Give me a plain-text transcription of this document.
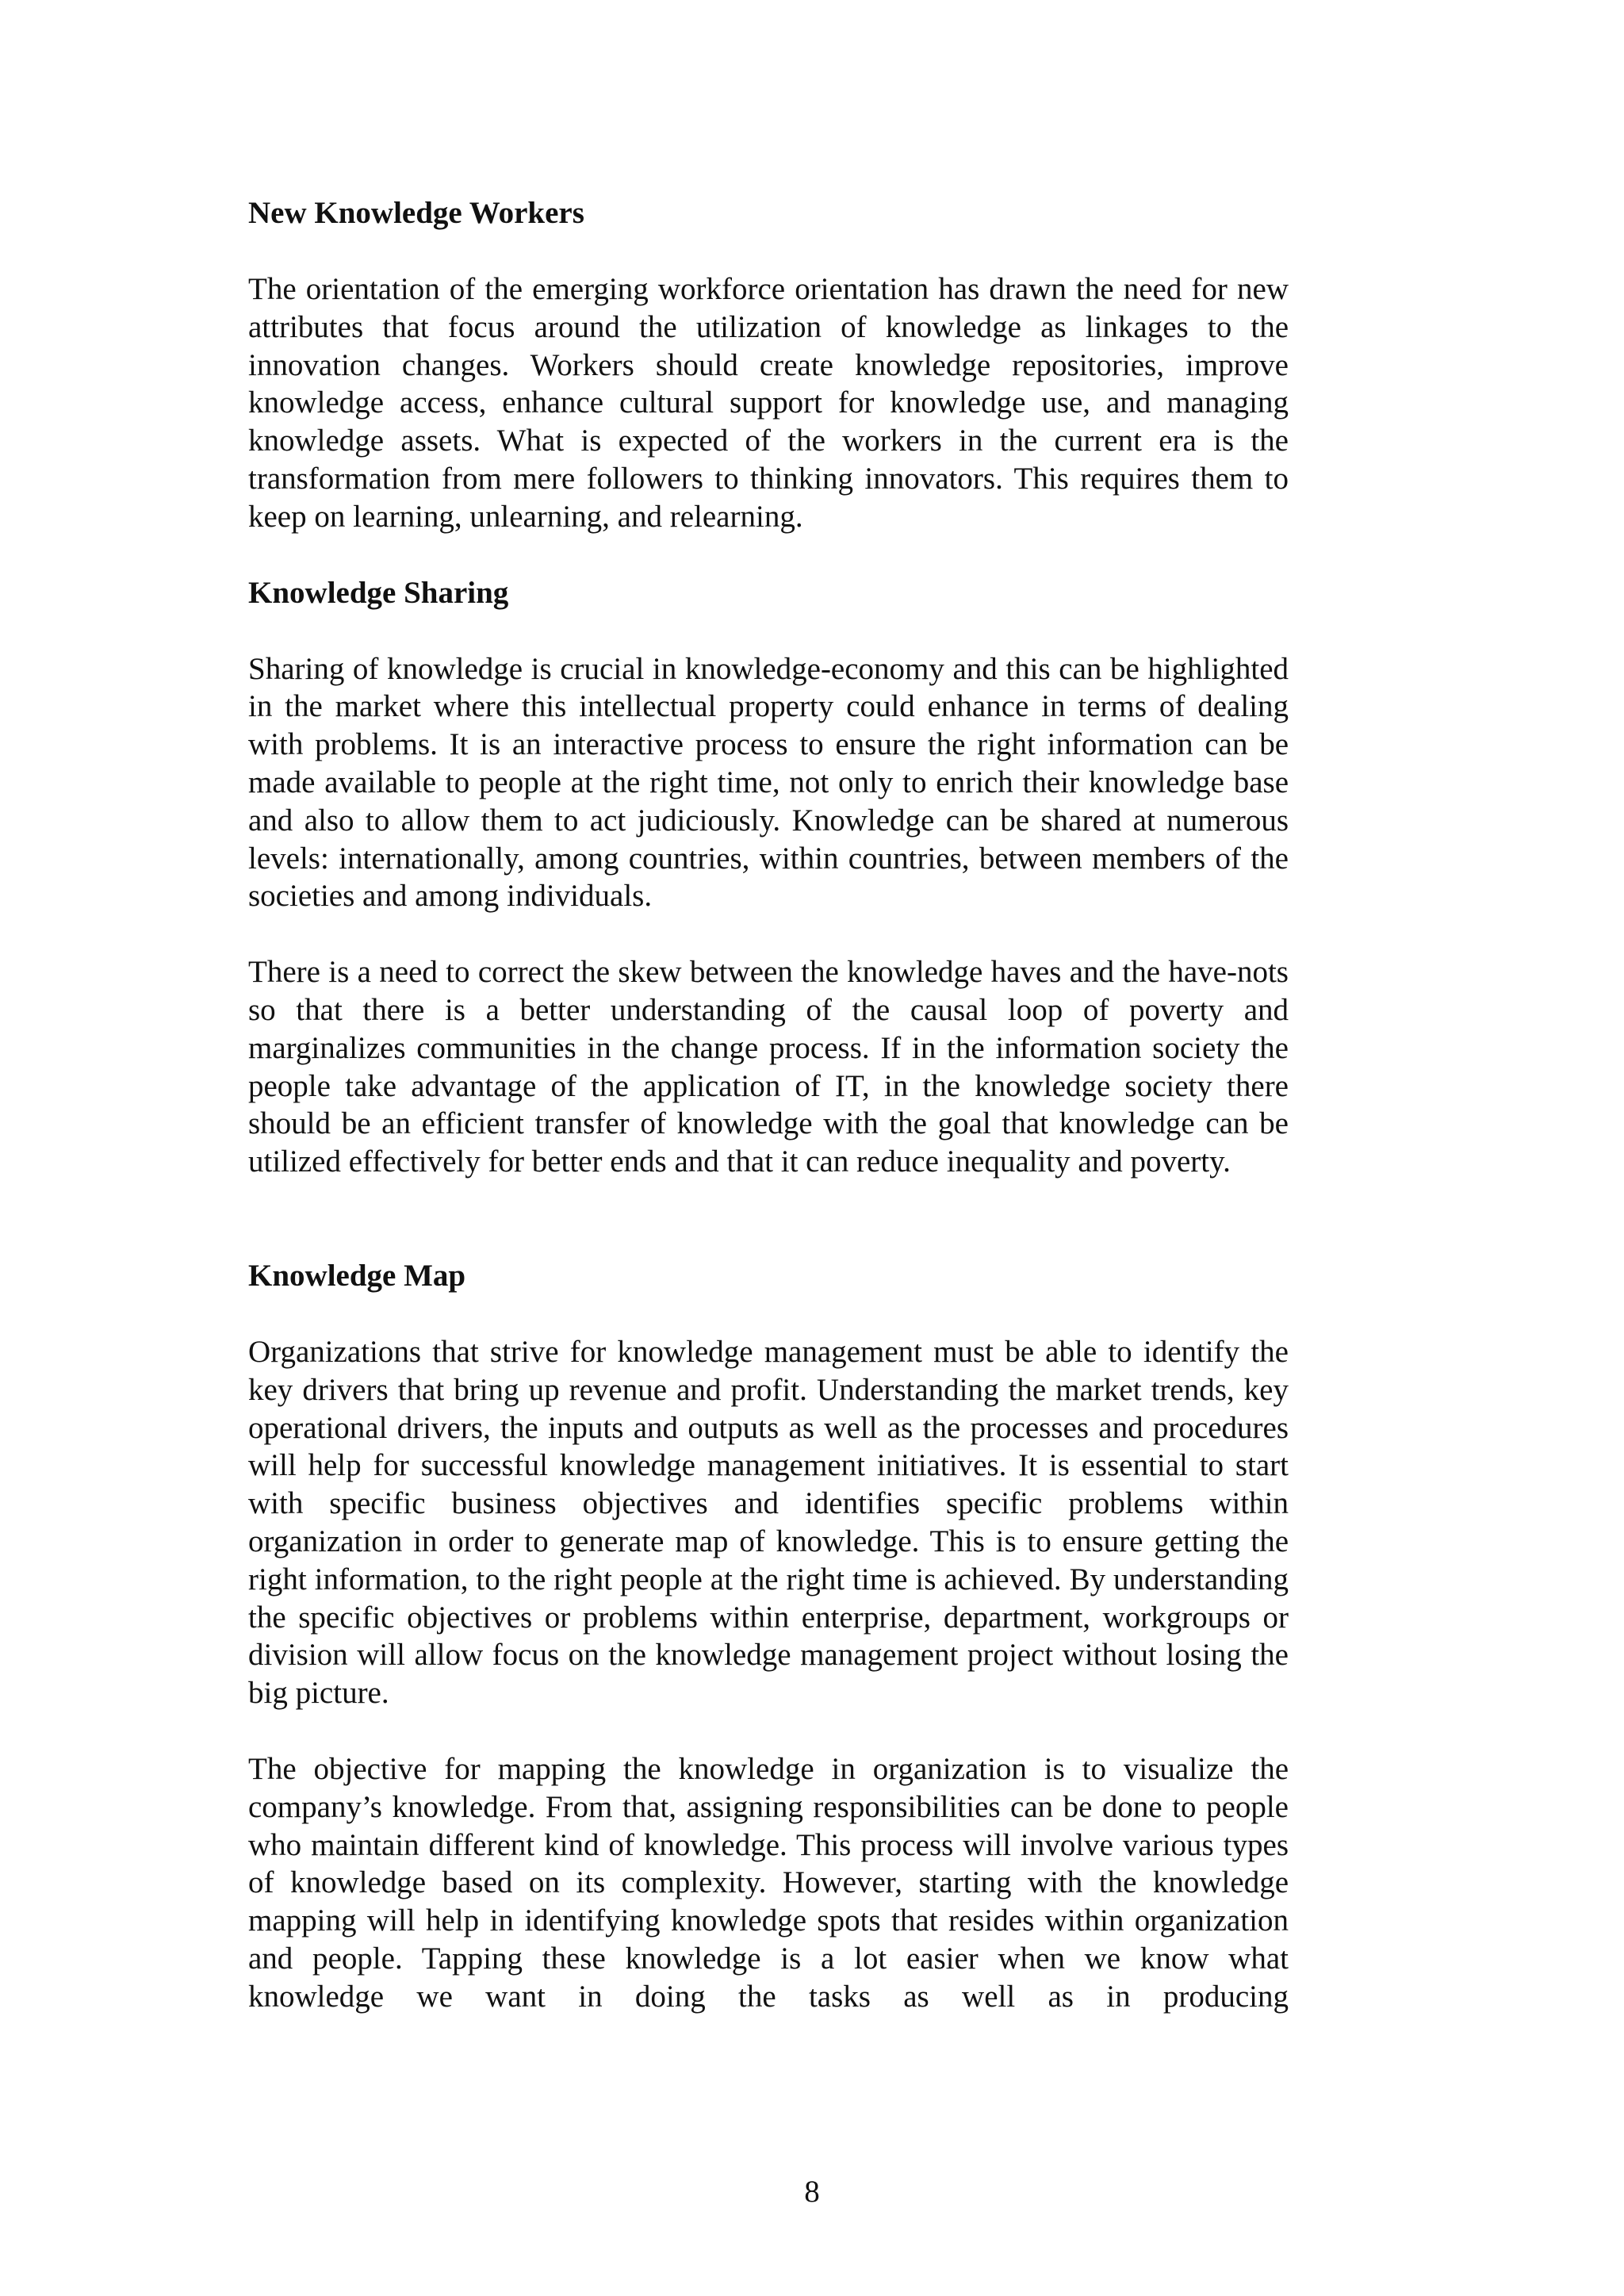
New Knowledge Workers
The orientation of the emerging workforce orientation has drawn the need for new attributes that focus around the utilization of knowledge as linkages to the innovation changes. Workers should create knowledge repositories, improve knowledge access, enhance cultural support for knowledge use, and managing knowledge assets. What is expected of the workers in the current era is the transformation from mere followers to thinking innovators. This requires them to keep on learning, unlearning, and relearning.
Knowledge Sharing
Sharing of knowledge is crucial in knowledge-economy and this can be highlighted in the market where this intellectual property could enhance in terms of dealing with problems. It is an interactive process to ensure the right information can be made available to people at the right time, not only to enrich their knowledge base and also to allow them to act judiciously. Knowledge can be shared at numerous levels: internationally, among countries, within countries, between members of the societies and among individuals.
There is a need to correct the skew between the knowledge haves and the have-nots so that there is a better understanding of the causal loop of poverty and marginalizes communities in the change process. If in the information society the people take advantage of the application of IT, in the knowledge society there should be an efficient transfer of knowledge with the goal that knowledge can be utilized effectively for better ends and that it can reduce inequality and poverty.
Knowledge Map
Organizations that strive for knowledge management must be able to identify the key drivers that bring up revenue and profit. Understanding the market trends, key operational drivers, the inputs and outputs as well as the processes and procedures will help for successful knowledge management initiatives. It is essential to start with specific business objectives and identifies specific problems within organization in order to generate map of knowledge. This is to ensure getting the right information, to the right people at the right time is achieved. By understanding the specific objectives or problems within enterprise, department, workgroups or division will allow focus on the knowledge management project without losing the big picture.
The objective for mapping the knowledge in organization is to visualize the company’s knowledge. From that, assigning responsibilities can be done to people who maintain different kind of knowledge. This process will involve various types of knowledge based on its complexity. However, starting with the knowledge mapping will help in identifying knowledge spots that resides within organization and people. Tapping these knowledge is a lot easier when we know what knowledge we want in doing the tasks as well as in producing
8
